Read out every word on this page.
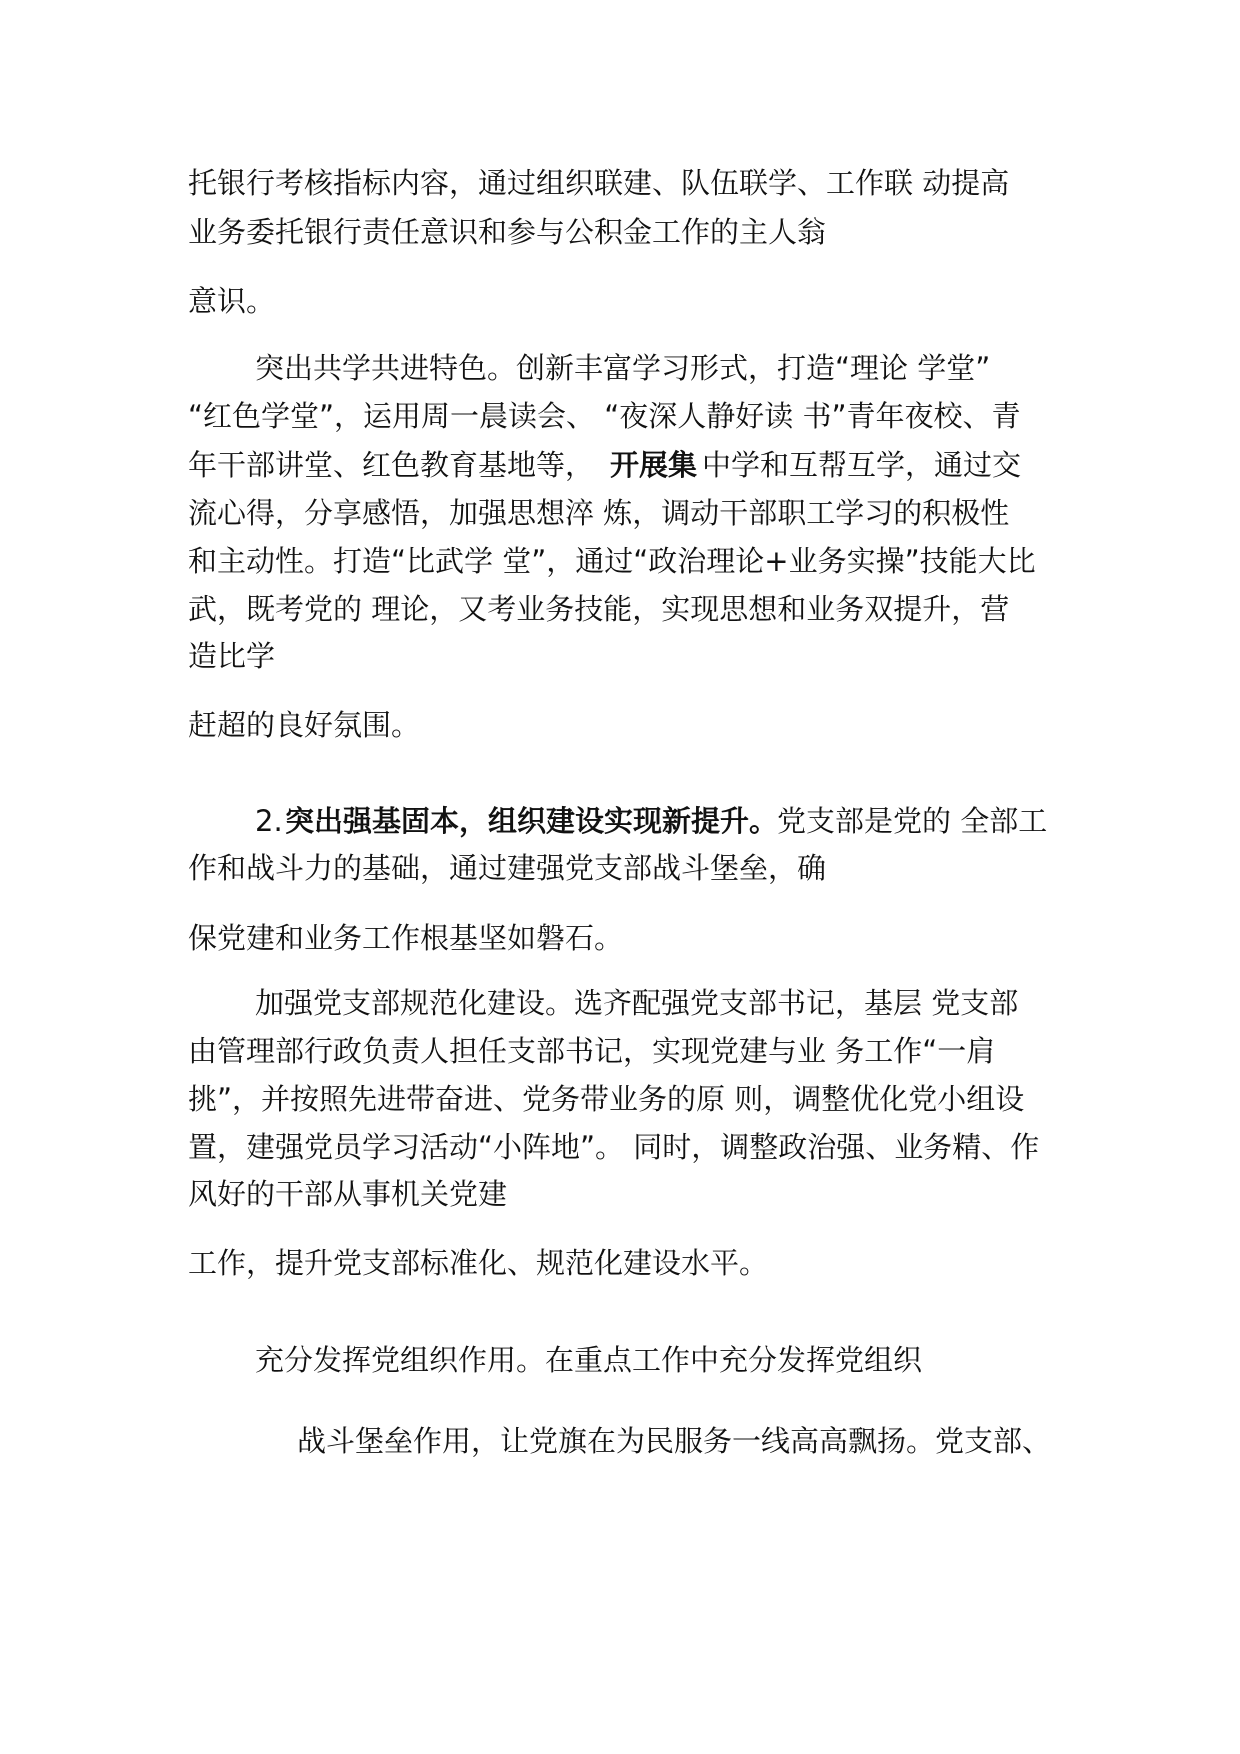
托银行考核指标内容，通过组织联建、队伍联学、工作联 动提高
业务委托银行责任意识和参与公积金工作的主人翁
意识。
突出共学共进特色。创新丰富学习形式，打造“理论 学堂”
“红色学堂”，运用周一晨读会、 “夜深人静好读 书”青年夜校、青
年干部讲堂、红色教育基地等， 开展集 中学和互帮互学，通过交
流心得，分享感悟，加强思想淬 炼，调动干部职工学习的积极性
和主动性。打造“比武学 堂”，通过“政治理论+业务实操”技能大比
武，既考党的 理论，又考业务技能，实现思想和业务双提升，营
造比学
赶超的良好氛围。
2. 突出强基固本，组织建设实现新提升。
党支部是党的 全部工
作和战斗力的基础，通过建强党支部战斗堡垒，确
保党建和业务工作根基坚如磐石。
加强党支部规范化建设。选齐配强党支部书记，基层 党支部
由管理部行政负责人担任支部书记，实现党建与业 务工作“一肩
挑”，并按照先进带奋进、党务带业务的原 则，调整优化党小组设
置，建强党员学习活动“小阵地”。 同时，调整政治强、业务精、作
风好的干部从事机关党建
工作，提升党支部标准化、规范化建设水平。
充分发挥党组织作用。在重点工作中充分发挥党组织
战斗堡垒作用，让党旗在为民服务一线高高飘扬。党支部、
